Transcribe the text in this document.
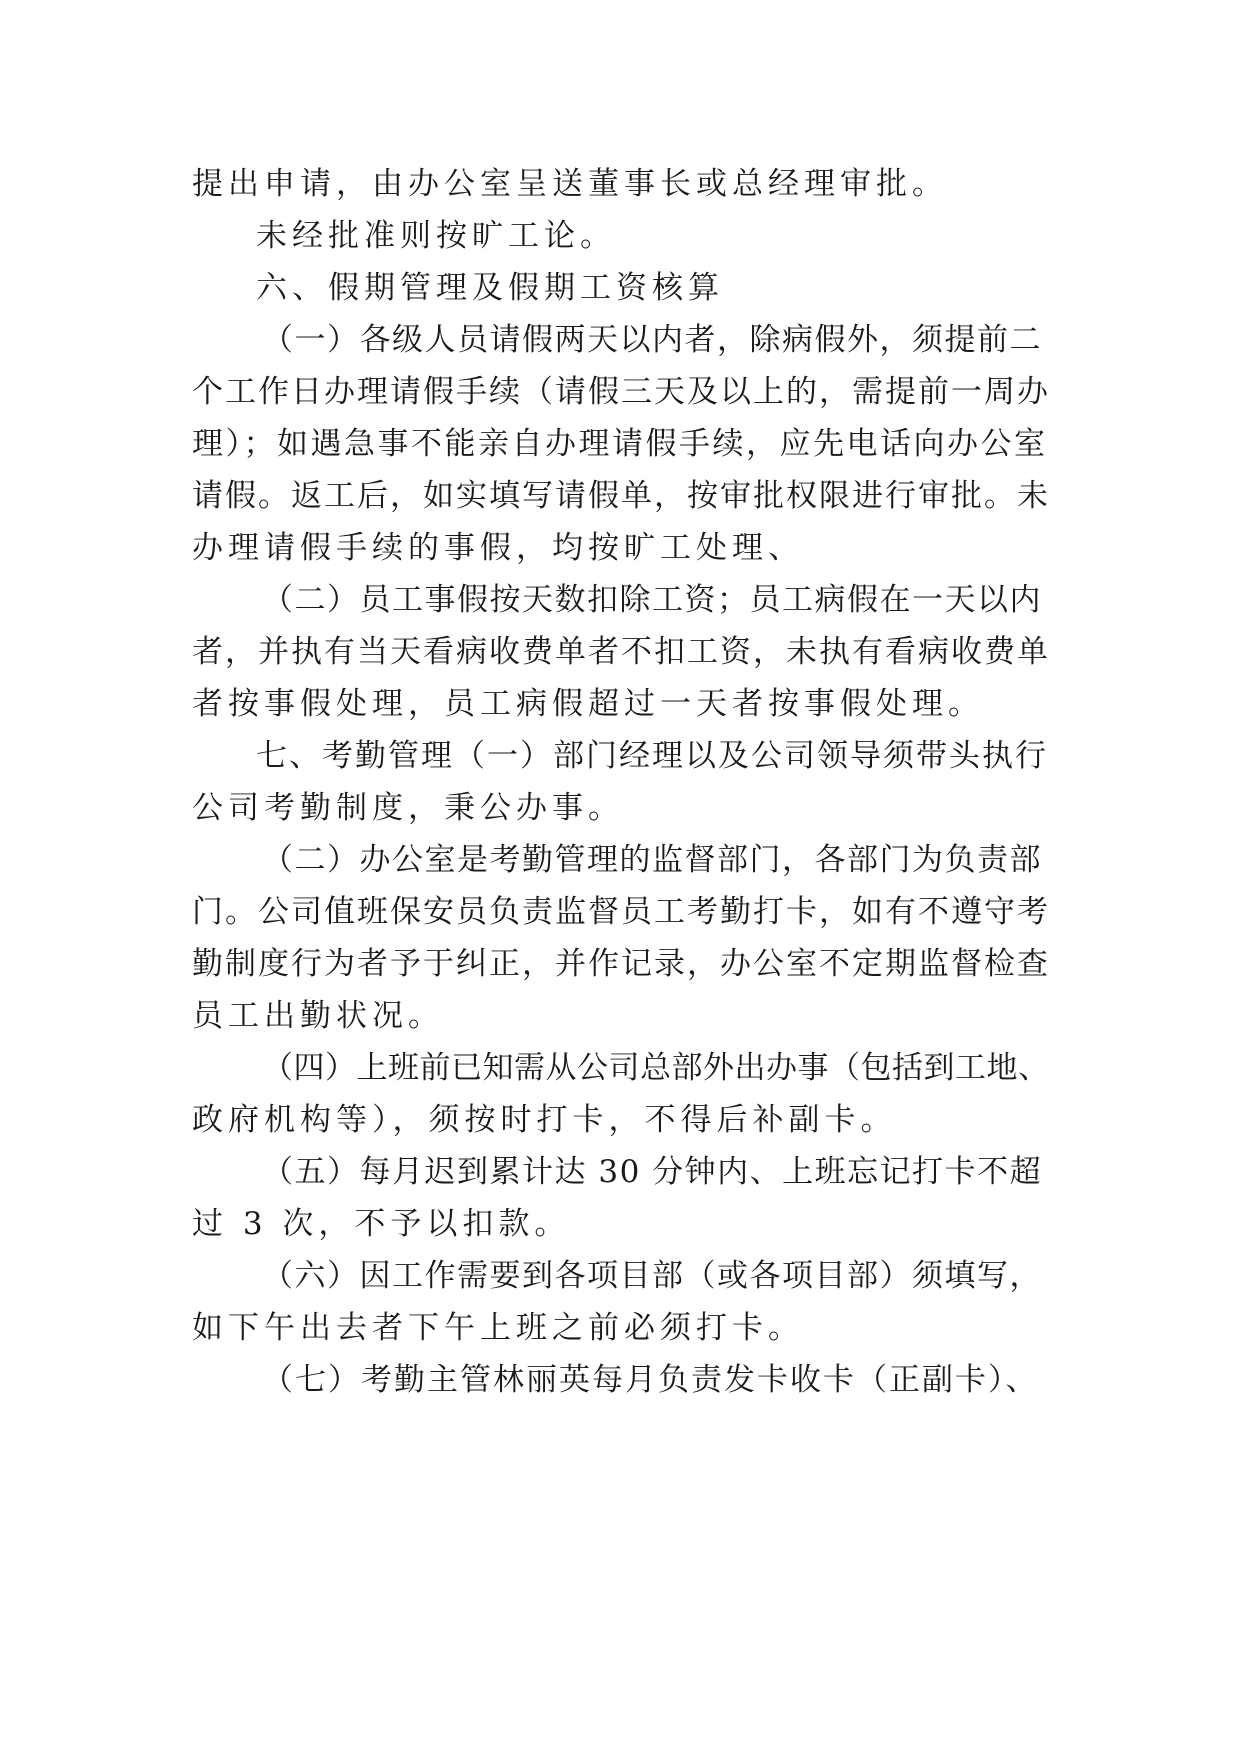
提出申请，由办公室呈送董事长或总经理审批。
未经批准则按旷工论。
六、假期管理及假期工资核算
（一）各级人员请假两天以内者，除病假外，须提前二
个工作日办理请假手续（请假三天及以上的，需提前一周办
理）；如遇急事不能亲自办理请假手续，应先电话向办公室
请假。返工后，如实填写请假单，按审批权限进行审批。未
办理请假手续的事假，均按旷工处理、
（二）员工事假按天数扣除工资；员工病假在一天以内
者，并执有当天看病收费单者不扣工资，未执有看病收费单
者按事假处理，员工病假超过一天者按事假处理。
七、考勤管理（一）部门经理以及公司领导须带头执行
公司考勤制度，秉公办事。
（二）办公室是考勤管理的监督部门，各部门为负责部
门。公司值班保安员负责监督员工考勤打卡，如有不遵守考
勤制度行为者予于纠正，并作记录，办公室不定期监督检查
员工出勤状况。
（四）上班前已知需从公司总部外出办事（包括到工地、
政府机构等），须按时打卡，不得后补副卡。
（五）每月迟到累计达 30 分钟内、上班忘记打卡不超
过 3 次，不予以扣款。
（六）因工作需要到各项目部（或各项目部）须填写，
如下午出去者下午上班之前必须打卡。
（七）考勤主管林丽英每月负责发卡收卡（正副卡）、
